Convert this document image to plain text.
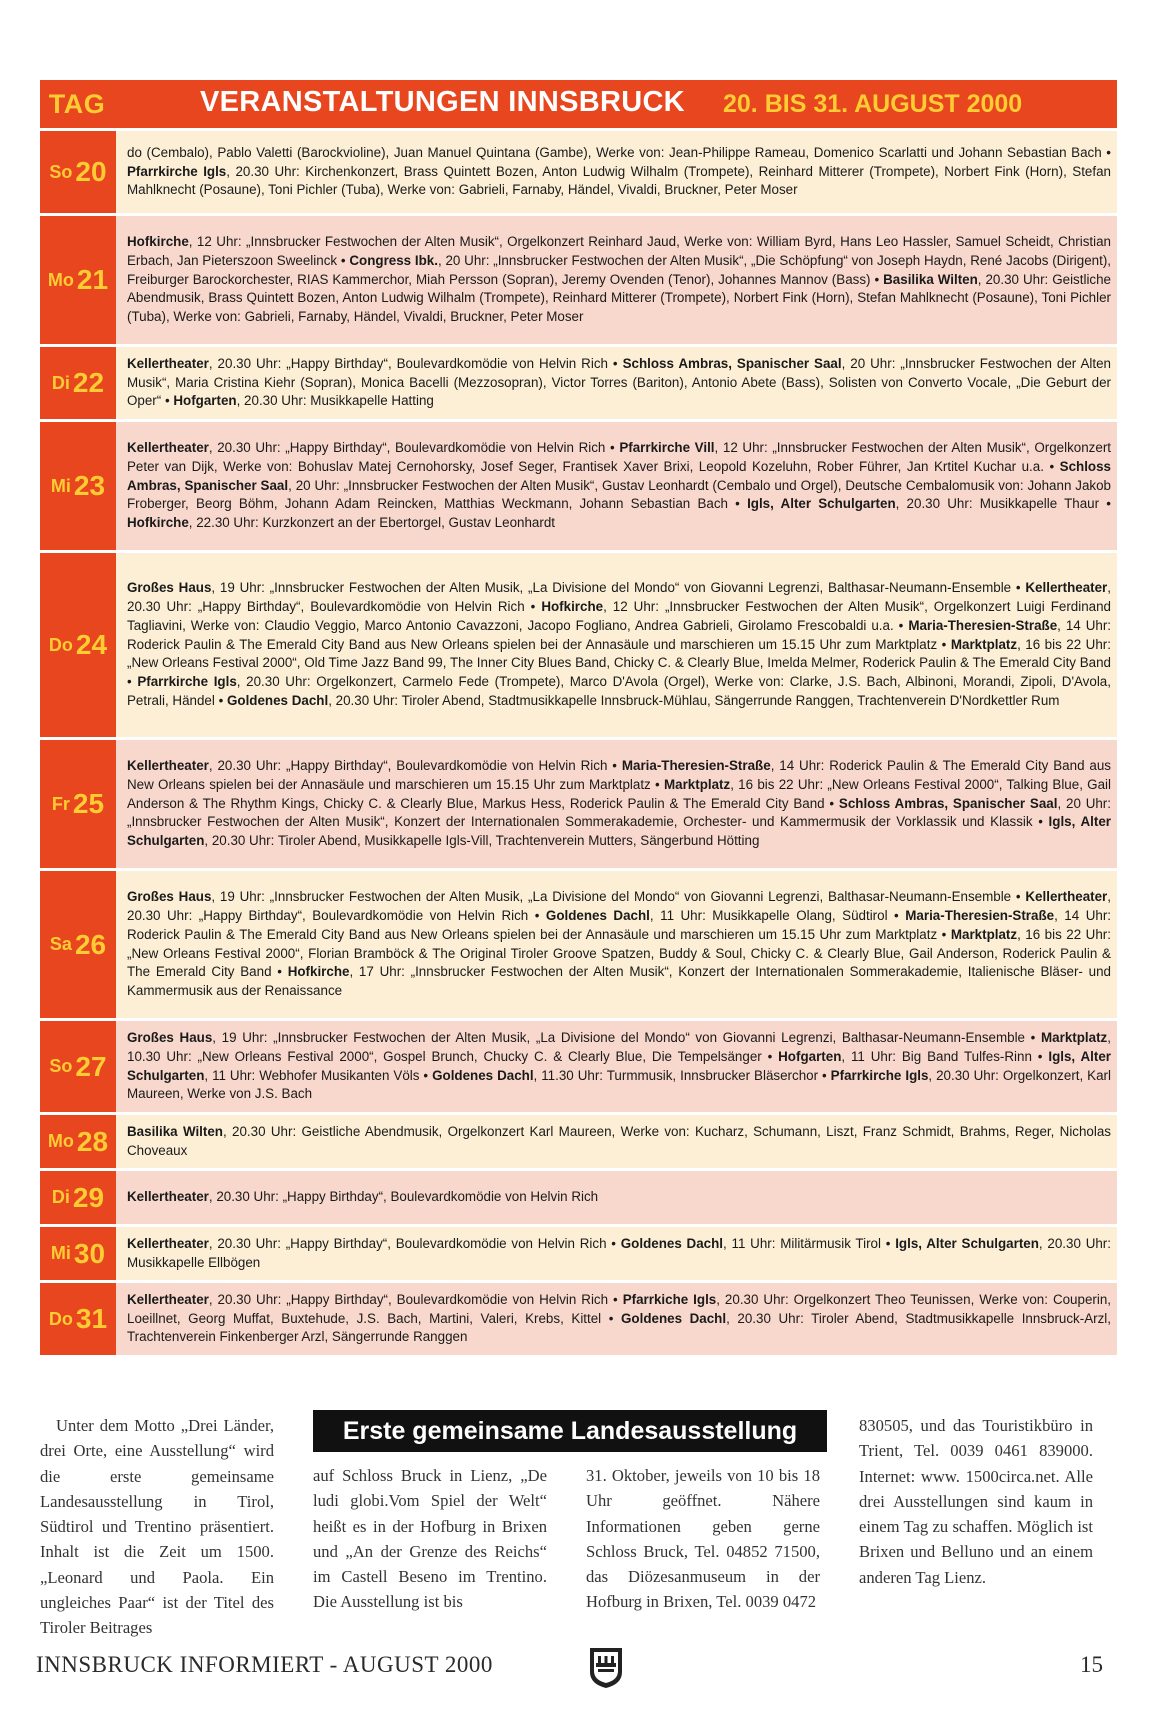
TAG	VERANSTALTUNGEN INNSBRUCK 20. BIS 31. AUGUST 2000
So 20

do (Cembalo), Pablo Valetti (Barockvioline), Juan Manuel Quintana (Gambe), Werke von: Jean-Philippe Rameau, Domenico Scarlatti und Johann Sebastian Bach • Pfarrkirche Igls, 20.30 Uhr: Kirchenkonzert, Brass Quintett Bozen, Anton Ludwig Wilhalm (Trompete), Reinhard Mitterer (Trompete), Norbert Fink (Horn), Stefan Mahlknecht (Posaune), Toni Pichler (Tuba), Werke von: Gabrieli, Farnaby, Händel, Vivaldi, Bruckner, Peter Moser

Mo 21

Hofkirche, 12 Uhr: „Innsbrucker Festwochen der Alten Musik“, Orgelkonzert Reinhard Jaud, Werke von: William Byrd, Hans Leo Hassler, Samuel Scheidt, Christian Erbach, Jan Pieterszoon Sweelinck • Congress Ibk., 20 Uhr: „Innsbrucker Festwochen der Alten Musik“, „Die Schöpfung“ von Joseph Haydn, René Jacobs (Dirigent), Freiburger Barockorchester, RIAS Kammerchor, Miah Persson (Sopran), Jeremy Ovenden (Tenor), Johannes Mannov (Bass) • Basilika Wilten, 20.30 Uhr: Geistliche Abendmusik, Brass Quintett Bozen, Anton Ludwig Wilhalm (Trompete), Reinhard Mitterer (Trompete), Norbert Fink (Horn), Stefan Mahlknecht (Posaune), Toni Pichler (Tuba), Werke von: Gabrieli, Farnaby, Händel, Vivaldi, Bruckner, Peter Moser

Di 22

Kellertheater, 20.30 Uhr: „Happy Birthday“, Boulevardkomödie von Helvin Rich • Schloss Ambras, Spanischer Saal, 20 Uhr: „Innsbrucker Festwochen der Alten Musik“, Maria Cristina Kiehr (Sopran), Monica Bacelli (Mezzosopran), Victor Torres (Bariton), Antonio Abete (Bass), Solisten von Converto Vocale, „Die Geburt der Oper“ • Hofgarten, 20.30 Uhr: Musikkapelle Hatting

Mi 23

Kellertheater, 20.30 Uhr: „Happy Birthday“, Boulevardkomödie von Helvin Rich • Pfarrkirche Vill, 12 Uhr: „Innsbrucker Festwochen der Alten Musik“, Orgelkonzert Peter van Dijk, Werke von: Bohuslav Matej Cernohorsky, Josef Seger, Frantisek Xaver Brixi, Leopold Kozeluhn, Rober Führer, Jan Krtitel Kuchar u.a. • Schloss Ambras, Spanischer Saal, 20 Uhr: „Innsbrucker Festwochen der Alten Musik“, Gustav Leonhardt (Cembalo und Orgel), Deutsche Cembalomusik von: Johann Jakob Froberger, Beorg Böhm, Johann Adam Reincken, Matthias Weckmann, Johann Sebastian Bach • Igls, Alter Schulgarten, 20.30 Uhr: Musikkapelle Thaur • Hofkirche, 22.30 Uhr: Kurzkonzert an der Ebertorgel, Gustav Leonhardt

Do 24

Großes Haus, 19 Uhr: „Innsbrucker Festwochen der Alten Musik, „La Divisione del Mondo“ von Giovanni Legrenzi, Balthasar-Neumann-Ensemble • Kellertheater, 20.30 Uhr: „Happy Birthday“, Boulevardkomödie von Helvin Rich • Hofkirche, 12 Uhr: „Innsbrucker Festwochen der Alten Musik“, Orgelkonzert Luigi Ferdinand Tagliavini, Werke von: Claudio Veggio, Marco Antonio Cavazzoni, Jacopo Fogliano, Andrea Gabrieli, Girolamo Frescobaldi u.a. • Maria-Theresien-Straße, 14 Uhr: Roderick Paulin & The Emerald City Band aus New Orleans spielen bei der Annasäule und marschieren um 15.15 Uhr zum Marktplatz • Marktplatz, 16 bis 22 Uhr: „New Orleans Festival 2000“, Old Time Jazz Band 99, The Inner City Blues Band, Chicky C. & Clearly Blue, Imelda Melmer, Roderick Paulin & The Emerald City Band • Pfarrkirche Igls, 20.30 Uhr: Orgelkonzert, Carmelo Fede (Trompete), Marco D'Avola (Orgel), Werke von: Clarke, J.S. Bach, Albinoni, Morandi, Zipoli, D'Avola, Petrali, Händel • Goldenes Dachl, 20.30 Uhr: Tiroler Abend, Stadtmusikkapelle Innsbruck-Mühlau, Sängerrunde Ranggen, Trachtenverein D'Nordkettler Rum

Fr 25

Kellertheater, 20.30 Uhr: „Happy Birthday“, Boulevardkomödie von Helvin Rich • Maria-Theresien-Straße, 14 Uhr: Roderick Paulin & The Emerald City Band aus New Orleans spielen bei der Annasäule und marschieren um 15.15 Uhr zum Marktplatz • Marktplatz, 16 bis 22 Uhr: „New Orleans Festival 2000“, Talking Blue, Gail Anderson & The Rhythm Kings, Chicky C. & Clearly Blue, Markus Hess, Roderick Paulin & The Emerald City Band • Schloss Ambras, Spanischer Saal, 20 Uhr: „Innsbrucker Festwochen der Alten Musik“, Konzert der Internationalen Sommerakademie, Orchester- und Kammermusik der Vorklassik und Klassik • Igls, Alter Schulgarten, 20.30 Uhr: Tiroler Abend, Musikkapelle Igls-Vill, Trachtenverein Mutters, Sängerbund Hötting

Sa 26

Großes Haus, 19 Uhr: „Innsbrucker Festwochen der Alten Musik, „La Divisione del Mondo“ von Giovanni Legrenzi, Balthasar-Neumann-Ensemble • Kellertheater, 20.30 Uhr: „Happy Birthday“, Boulevardkomödie von Helvin Rich • Goldenes Dachl, 11 Uhr: Musikkapelle Olang, Südtirol • Maria-Theresien-Straße, 14 Uhr: Roderick Paulin & The Emerald City Band aus New Orleans spielen bei der Annasäule und marschieren um 15.15 Uhr zum Marktplatz • Marktplatz, 16 bis 22 Uhr: „New Orleans Festival 2000“, Florian Bramböck & The Original Tiroler Groove Spatzen, Buddy & Soul, Chicky C. & Clearly Blue, Gail Anderson, Roderick Paulin & The Emerald City Band • Hofkirche, 17 Uhr: „Innsbrucker Festwochen der Alten Musik“, Konzert der Internationalen Sommerakademie, Italienische Bläser- und Kammermusik aus der Renaissance

So 27

Großes Haus, 19 Uhr: „Innsbrucker Festwochen der Alten Musik, „La Divisione del Mondo“ von Giovanni Legrenzi, Balthasar-Neumann-Ensemble • Marktplatz, 10.30 Uhr: „New Orleans Festival 2000“, Gospel Brunch, Chucky C. & Clearly Blue, Die Tempelsänger • Hofgarten, 11 Uhr: Big Band Tulfes-Rinn • Igls, Alter Schulgarten, 11 Uhr: Webhofer Musikanten Völs • Goldenes Dachl, 11.30 Uhr: Turmmusik, Innsbrucker Bläserchor • Pfarrkirche Igls, 20.30 Uhr: Orgelkonzert, Karl Maureen, Werke von J.S. Bach

Mo 28 Basilika Wilten, 20.30 Uhr: Geistliche Abendmusik, Orgelkonzert Karl Maureen, Werke von: Kucharz, Schumann, Liszt, Franz Schmidt, Brahms, Reger, Nicholas Choveaux

Di 29 Kellertheater, 20.30 Uhr: „Happy Birthday“, Boulevardkomödie von Helvin Rich

Mi 30 Kellertheater, 20.30 Uhr: „Happy Birthday“, Boulevardkomödie von Helvin Rich • Goldenes Dachl, 11 Uhr: Militärmusik Tirol • Igls, Alter Schulgarten, 20.30 Uhr: Musikkapelle Ellbögen

Do 31

Kellertheater, 20.30 Uhr: „Happy Birthday“, Boulevardkomödie von Helvin Rich • Pfarrkiche Igls, 20.30 Uhr: Orgelkonzert Theo Teunissen, Werke von: Couperin, Loeillnet, Georg Muffat, Buxtehude, J.S. Bach, Martini, Valeri, Krebs, Kittel • Goldenes Dachl, 20.30 Uhr: Tiroler Abend, Stadtmusikkapelle Innsbruck-Arzl, Trachtenverein Finkenberger Arzl, Sängerrunde Ranggen

Erste gemeinsame Landesausstellung

Unter dem Motto „Drei Länder, drei Orte, eine Ausstellung“ wird die erste gemeinsame Landesausstellung in Tirol, Südtirol und Trentino präsentiert. Inhalt ist die Zeit um 1500. „Leonard und Paola. Ein ungleiches Paar“ ist der Titel des Tiroler Beitrages

auf Schloss Bruck in Lienz, „De ludi globi.Vom Spiel der Welt“ heißt es in der Hofburg in Brixen und „An der Grenze des Reichs“ im Castell Beseno im Trentino. Die Ausstellung ist bis

31. Oktober, jeweils von 10 bis 18 Uhr geöffnet. Nähere Informationen geben gerne Schloss Bruck, Tel. 04852 71500, das Diözesanmuseum in der Hofburg in Brixen, Tel. 0039 0472

830505, und das Touristikbüro in Trient, Tel. 0039 0461 839000. Internet: www. 1500circa.net. Alle drei Ausstellungen sind kaum in einem Tag zu schaffen. Möglich ist Brixen und Belluno und an einem anderen Tag Lienz.

INNSBRUCK INFORMIERT - AUGUST 2000	15
